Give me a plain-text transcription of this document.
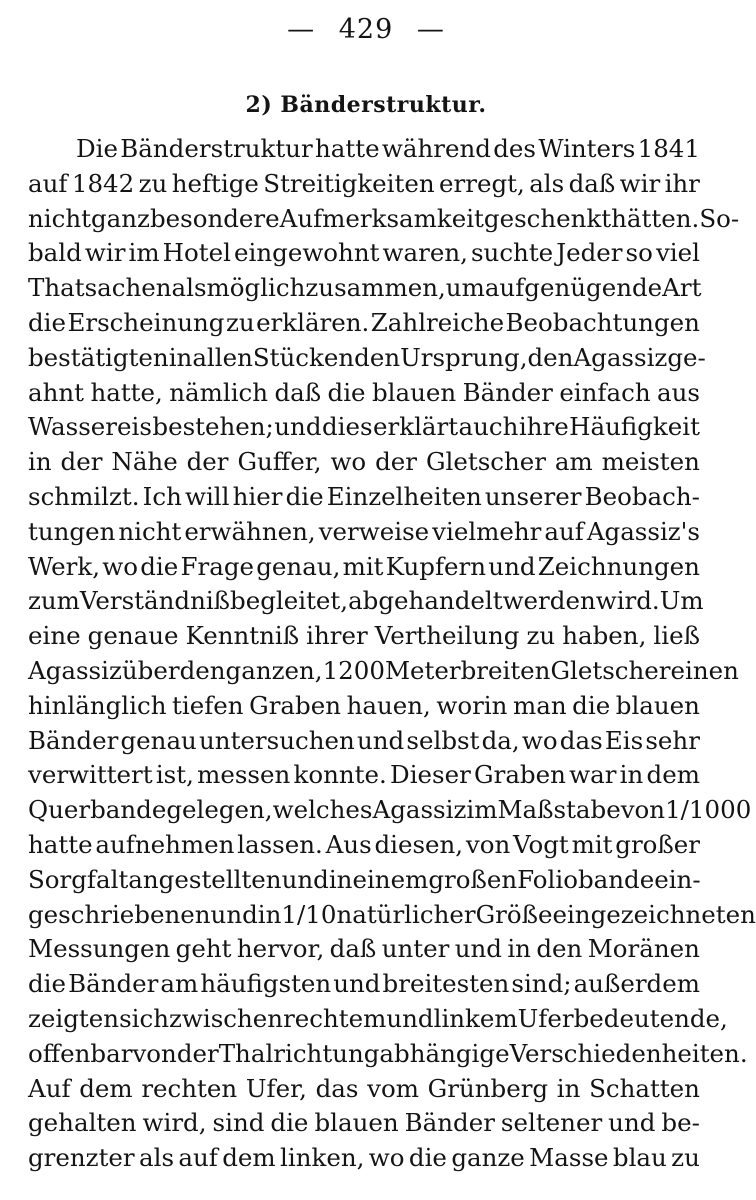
— 429 —
2) Bänderstruktur.
Die Bänderstruktur hatte während des Winters 1841
auf 1842 zu heftige Streitigkeiten erregt, als daß wir ihr
nicht ganz besondere Aufmerksamkeit geschenkt hätten. So-
bald wir im Hotel eingewohnt waren, suchte Jeder so viel
Thatsachen als möglich zusammen, um auf genügende Art
die Erscheinung zu erklären. Zahlreiche Beobachtungen
bestätigten in allen Stücken den Ursprung, den Agassiz ge-
ahnt hatte, nämlich daß die blauen Bänder einfach aus
Wassereis bestehen; und dies erklärt auch ihre Häufigkeit
in der Nähe der Guffer, wo der Gletscher am meisten
schmilzt. Ich will hier die Einzelheiten unserer Beobach-
tungen nicht erwähnen, verweise vielmehr auf Agassiz's
Werk, wo die Frage genau, mit Kupfern und Zeichnungen
zum Verständniß begleitet, abgehandelt werden wird. Um
eine genaue Kenntniß ihrer Vertheilung zu haben, ließ
Agassiz über den ganzen, 1200 Meter breiten Gletscher einen
hinlänglich tiefen Graben hauen, worin man die blauen
Bänder genau untersuchen und selbst da, wo das Eis sehr
verwittert ist, messen konnte. Dieser Graben war in dem
Querbande gelegen, welches Agassiz im Maßstabe von 1/1000
hatte aufnehmen lassen. Aus diesen, von Vogt mit großer
Sorgfalt angestellten und in einem großen Foliobande ein-
geschriebenen und in 1/10 natürlicher Größe eingezeichneten
Messungen geht hervor, daß unter und in den Moränen
die Bänder am häufigsten und breitesten sind; außerdem
zeigten sich zwischen rechtem und linkem Ufer bedeutende,
offenbar von der Thalrichtung abhängige Verschiedenheiten.
Auf dem rechten Ufer, das vom Grünberg in Schatten
gehalten wird, sind die blauen Bänder seltener und be-
grenzter als auf dem linken, wo die ganze Masse blau zu
